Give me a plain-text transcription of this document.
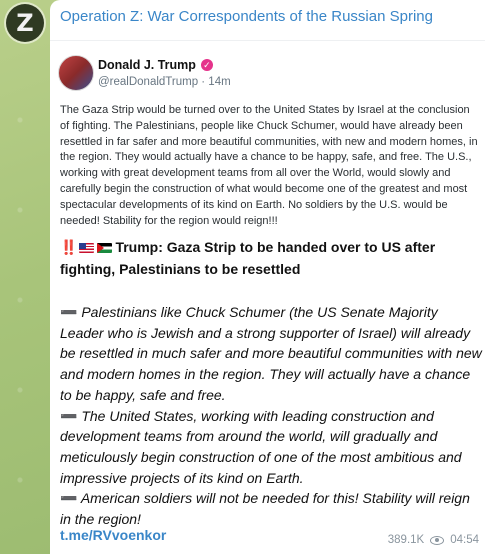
Z Operation Z: War Correspondents of the Russian Spring
Donald J. Trump ✓
@realDonaldTrump · 14m
The Gaza Strip would be turned over to the United States by Israel at the conclusion of fighting. The Palestinians, people like Chuck Schumer, would have already been resettled in far safer and more beautiful communities, with new and modern homes, in the region. They would actually have a chance to be happy, safe, and free. The U.S., working with great development teams from all over the World, would slowly and carefully begin the construction of what would become one of the greatest and most spectacular developments of its kind on Earth. No soldiers by the U.S. would be needed! Stability for the region would reign!!!

‼️	Trump: Gaza Strip to be handed over to US after fighting, Palestinians to be resettled

➖ Palestinians like Chuck Schumer (the US Senate Majority Leader who is Jewish and a strong supporter of Israel) will already be resettled in much safer and more beautiful communities with new and modern homes in the region. They will actually have a chance to be happy, safe and free.

➖ The United States, working with leading construction and development teams from around the world, will gradually and meticulously begin construction of one of the most ambitious and impressive projects of its kind on Earth.

➖ American soldiers will not be needed for this! Stability will reign in the region!

t.me/RVvoenkor	389.1K 04:54
